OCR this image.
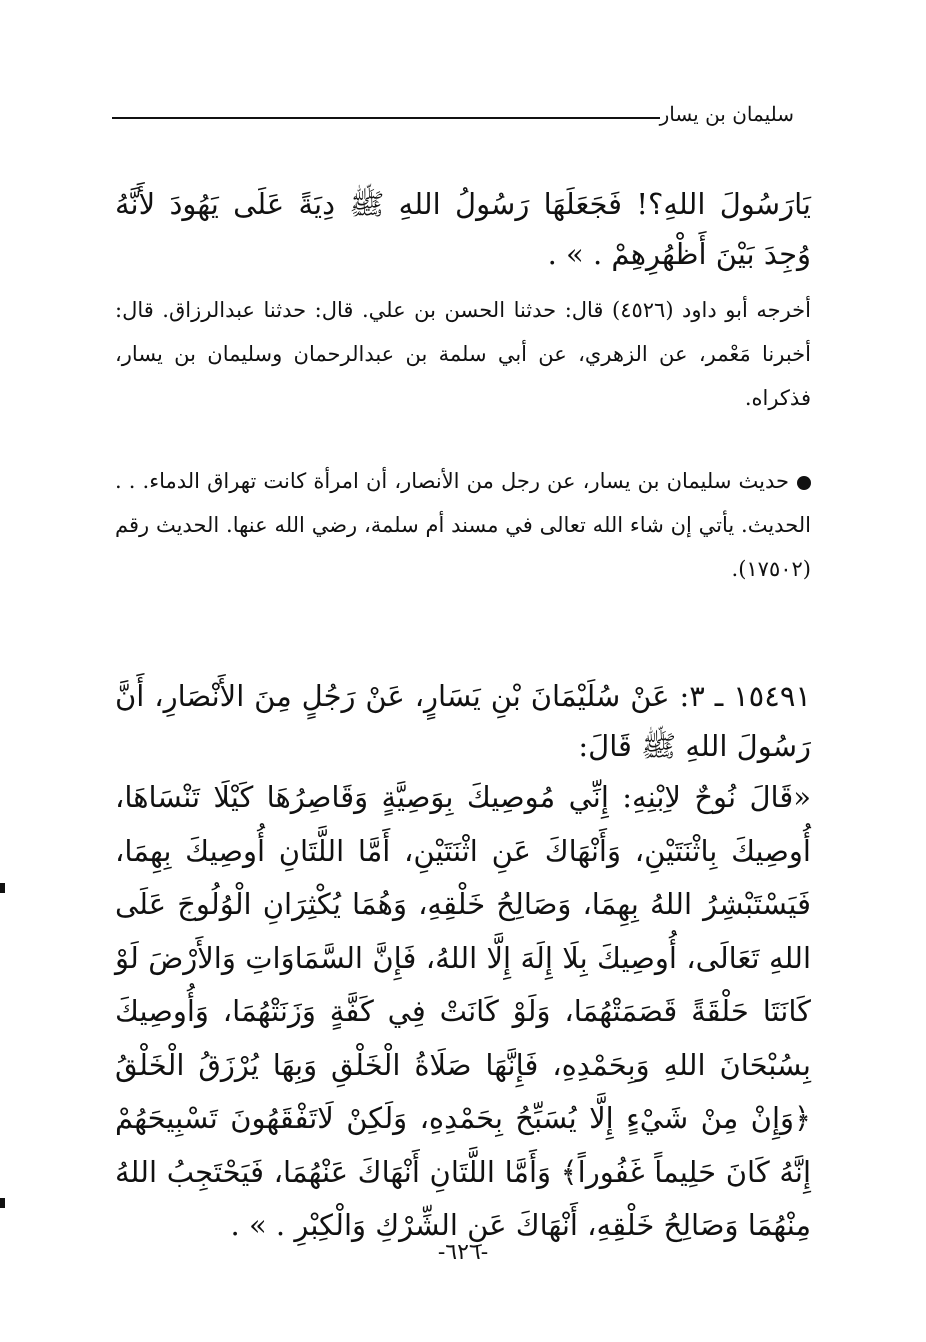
سليمان بن يسار

يَارَسُولَ اللهِ؟! فَجَعَلَهَا رَسُولُ اللهِ ﷺ دِيَةً عَلَى يَهُودَ لأَنَّهُ وُجِدَ بَيْنَ أَظْهُرِهِمْ . » .

أخرجه أبو داود (٤٥٢٦) قال: حدثنا الحسن بن علي. قال: حدثنا عبدالرزاق. قال: أخبرنا مَعْمر، عن الزهري، عن أبي سلمة بن عبدالرحمان وسليمان بن يسار، فذكراه.

حديث سليمان بن يسار، عن رجل من الأنصار، أن امرأة كانت تهراق الدماء. . . الحديث. يأتي إن شاء الله تعالى في مسند أم سلمة، رضي الله عنها. الحديث رقم (١٧٥٠٢).

١٥٤٩١ ـ ٣: عَنْ سُلَيْمَانَ بْنِ يَسَارٍ، عَنْ رَجُلٍ مِنَ الأَنْصَارِ، أَنَّ رَسُولَ اللهِ ﷺ قَالَ:

«قَالَ نُوحٌ لاِبْنِهِ: إِنِّي مُوصِيكَ بِوَصِيَّةٍ وَقَاصِرُهَا كَيْلَا تَنْسَاهَا، أُوصِيكَ بِاثْنَتَيْنِ، وَأَنْهَاكَ عَنِ اثْنَتَيْنِ، أَمَّا اللَّتَانِ أُوصِيكَ بِهِمَا، فَيَسْتَبْشِرُ اللهُ بِهِمَا، وَصَالِحُ خَلْقِهِ، وَهُمَا يُكْثِرَانِ الْوُلُوجَ عَلَى اللهِ تَعَالَى، أُوصِيكَ بِلَا إِلَهَ إِلَّا اللهُ، فَإِنَّ السَّمَاوَاتِ وَالأَرْضَ لَوْ كَانَتَا حَلْقَةً قَصَمَتْهُمَا، وَلَوْ كَانَتْ فِي كَفَّةٍ وَزَنَتْهُمَا، وَأُوصِيكَ بِسُبْحَانَ اللهِ وَبِحَمْدِهِ، فَإِنَّهَا صَلَاةُ الْخَلْقِ وَبِهَا يُرْزَقُ الْخَلْقُ ﴿وَإِنْ مِنْ شَيْءٍ إِلَّا يُسَبِّحُ بِحَمْدِهِ، وَلَكِنْ لَاتَفْقَهُونَ تَسْبِيحَهُمْ إِنَّهُ كَانَ حَلِيماً غَفُوراً﴾ وَأَمَّا اللَّتَانِ أَنْهَاكَ عَنْهُمَا، فَيَحْتَجِبُ اللهُ مِنْهُمَا وَصَالِحُ خَلْقِهِ، أَنْهَاكَ عَنِ الشِّرْكِ وَالْكِبْرِ . » .

-٦٢٦-
